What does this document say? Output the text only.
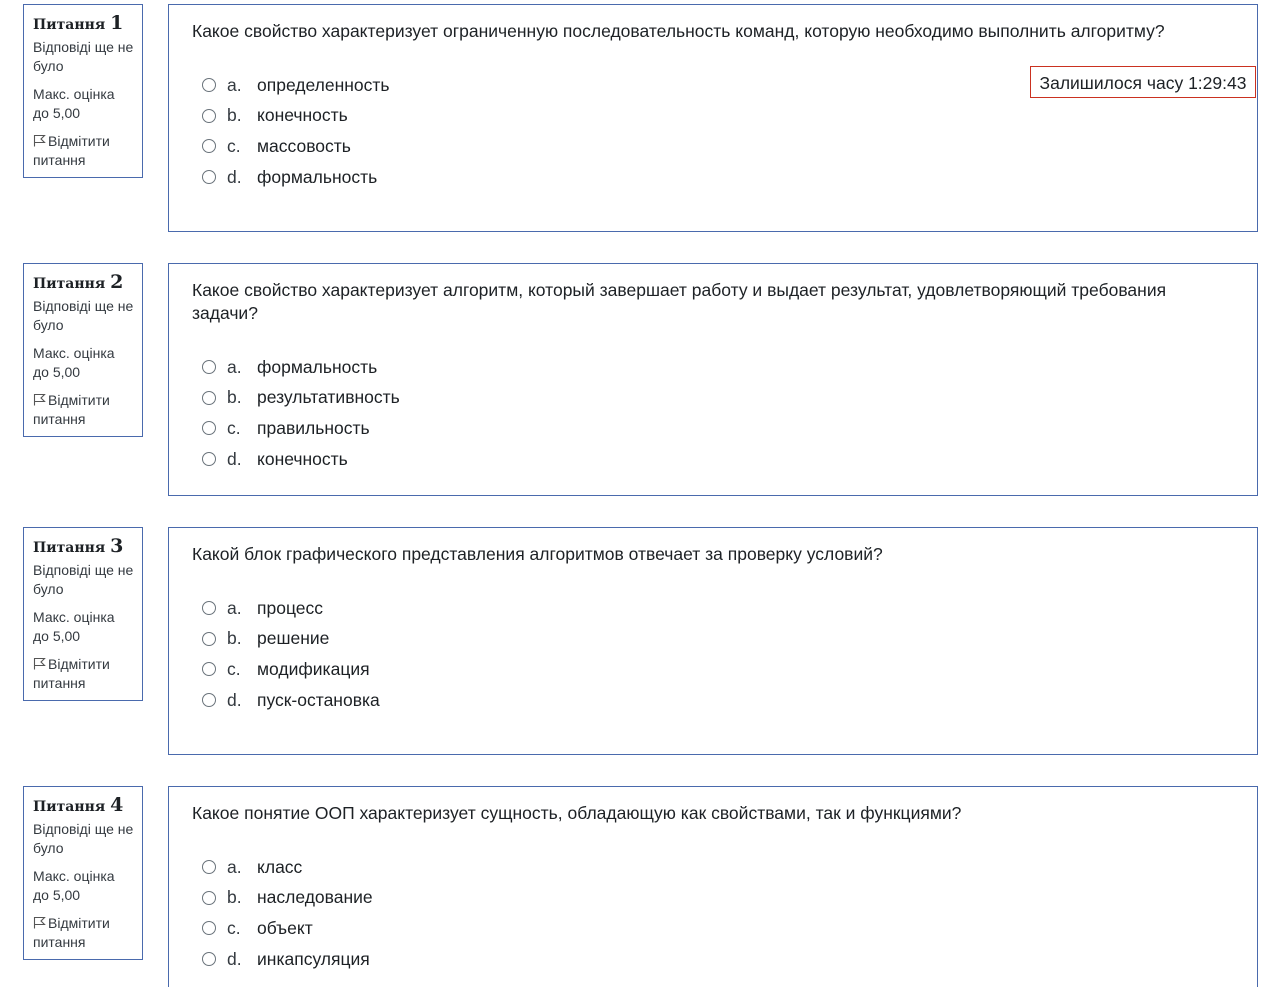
Питання 1
Відповіді ще не було
Макс. оцінка до 5,00
Відмітити питання
Какое свойство характеризует ограниченную последовательность команд, которую необходимо выполнить алгоритму?
a. определенность
b. конечность
c. массовость
d. формальность
Залишилося часу 1:29:43
Питання 2
Відповіді ще не було
Макс. оцінка до 5,00
Відмітити питання
Какое свойство характеризует алгоритм, который завершает работу и выдает результат, удовлетворяющий требования задачи?
a. формальность
b. результативность
c. правильность
d. конечность
Питання 3
Відповіді ще не було
Макс. оцінка до 5,00
Відмітити питання
Какой блок графического представления алгоритмов отвечает за проверку условий?
a. процесс
b. решение
c. модификация
d. пуск-остановка
Питання 4
Відповіді ще не було
Макс. оцінка до 5,00
Відмітити питання
Какое понятие ООП характеризует сущность, обладающую как свойствами, так и функциями?
a. класс
b. наследование
c. объект
d. инкапсуляция
